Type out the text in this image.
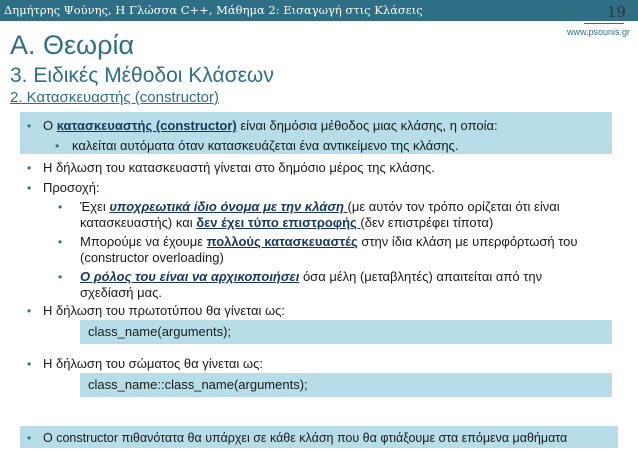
Δημήτρης Ψούνης, Η Γλώσσα C++, Μάθημα 2: Εισαγωγή στις Κλάσεις	19
www.psounis.gr
Α. Θεωρία
3. Ειδικές Μέθοδοι Κλάσεων
2. Κατασκευαστής (constructor)
• Ο κατασκευαστής (constructor) είναι δημόσια μέθοδος μιας κλάσης, η οποία:
• καλείται αυτόματα όταν κατασκευάζεται ένα αντικείμενο της κλάσης.
• Η δήλωση του κατασκευαστή γίνεται στο δημόσιο μέρος της κλάσης.
• Προσοχή:
• Έχει υποχρεωτικά ίδιο όνομα με την κλάση (με αυτόν τον τρόπο ορίζεται ότι είναι
κατασκευαστής) και δεν έχει τύπο επιστροφής (δεν επιστρέφει τίποτα)
• Μπορούμε να έχουμε πολλούς κατασκευαστές στην ίδια κλάση με υπερφόρτωσή του
(constructor overloading)
• Ο ρόλος του είναι να αρχικοποιήσει όσα μέλη (μεταβλητές) απαιτείται από την
σχεδίασή μας.
• Η δήλωση του πρωτοτύπου θα γίνεται ως:
class_name(arguments);
• Η δήλωση του σώματος θα γίνεται ως:
class_name::class_name(arguments);
• Ο constructor πιθανότατα θα υπάρχει σε κάθε κλάση που θα φτιάξουμε στα επόμενα μαθήματα
